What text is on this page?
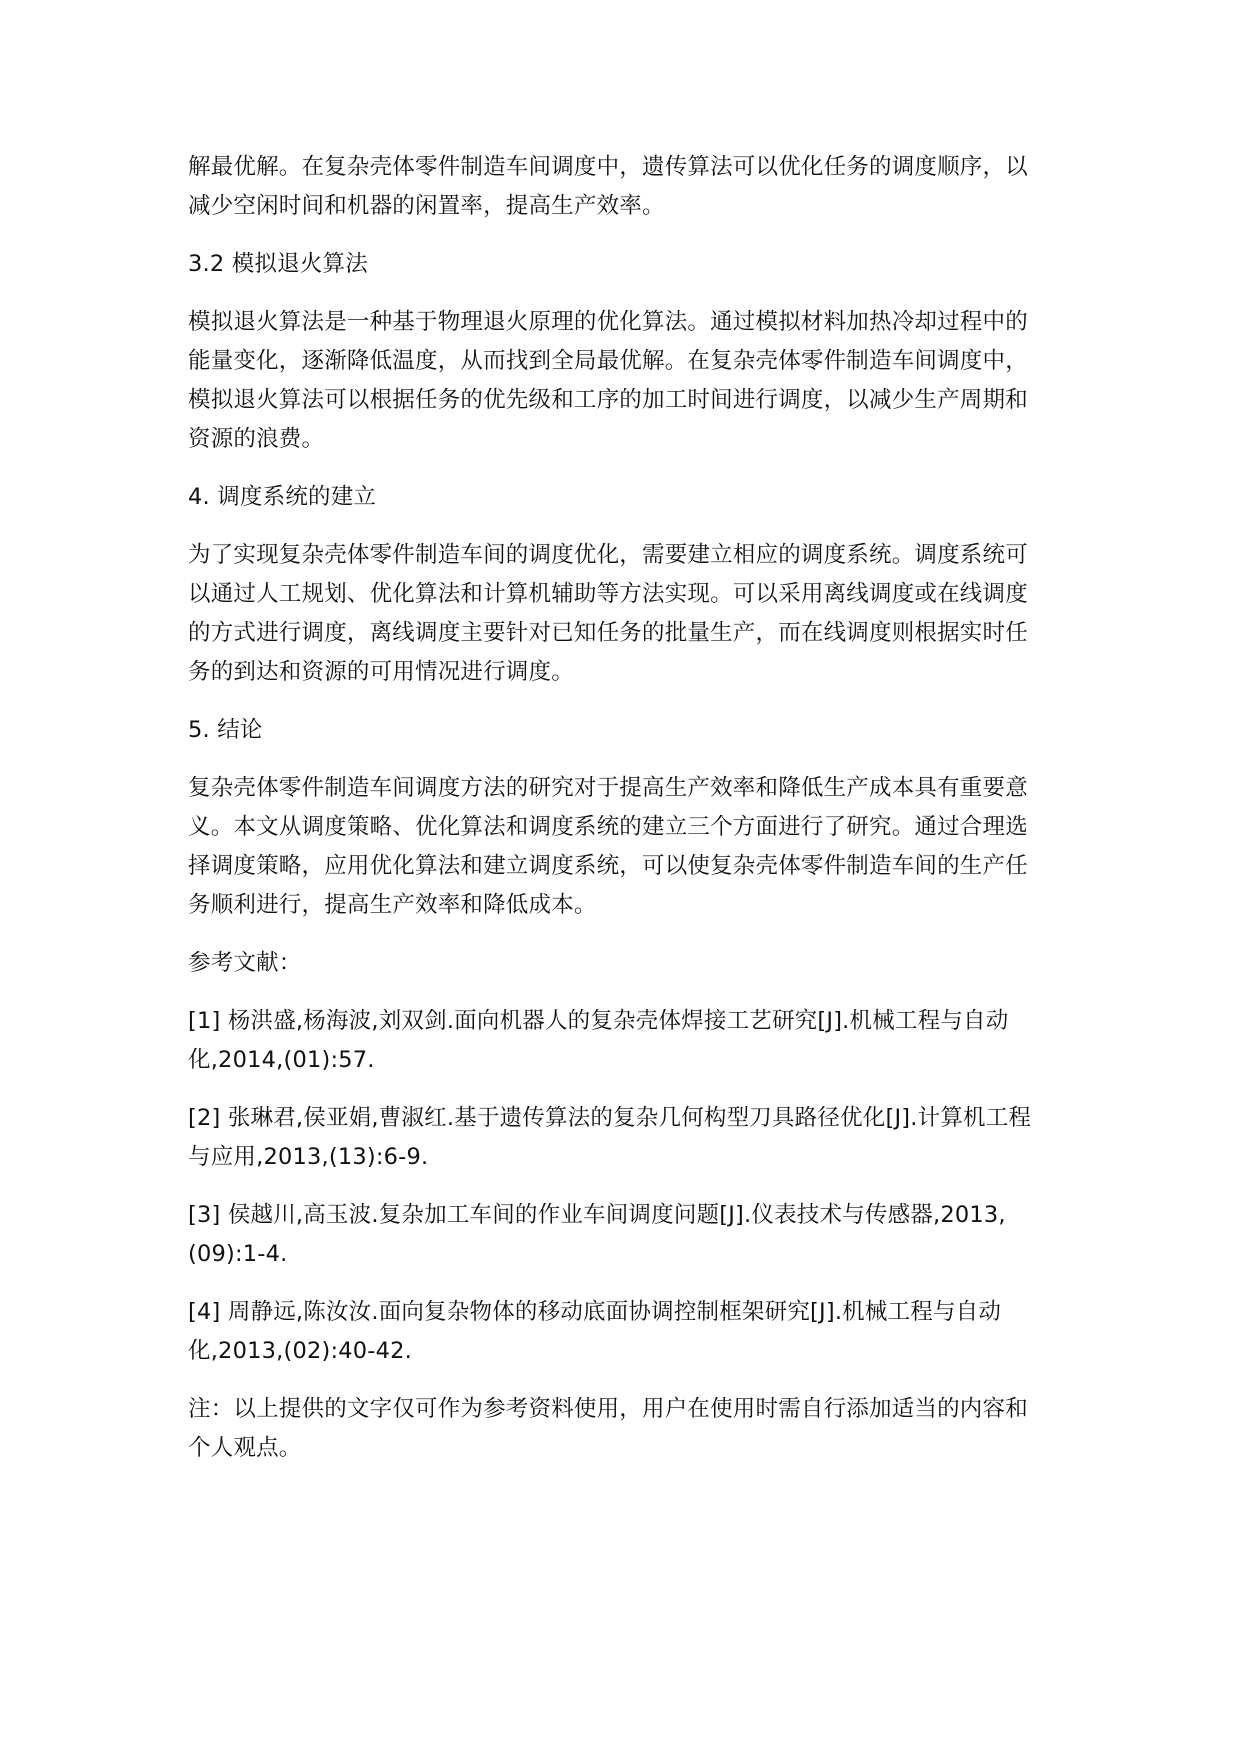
解最优解。在复杂壳体零件制造车间调度中，遗传算法可以优化任务的调度顺序，以减少空闲时间和机器的闲置率，提高生产效率。

3.2 模拟退火算法

模拟退火算法是一种基于物理退火原理的优化算法。通过模拟材料加热冷却过程中的能量变化，逐渐降低温度，从而找到全局最优解。在复杂壳体零件制造车间调度中，模拟退火算法可以根据任务的优先级和工序的加工时间进行调度，以减少生产周期和资源的浪费。

4. 调度系统的建立

为了实现复杂壳体零件制造车间的调度优化，需要建立相应的调度系统。调度系统可以通过人工规划、优化算法和计算机辅助等方法实现。可以采用离线调度或在线调度的方式进行调度，离线调度主要针对已知任务的批量生产，而在线调度则根据实时任务的到达和资源的可用情况进行调度。

5. 结论

复杂壳体零件制造车间调度方法的研究对于提高生产效率和降低生产成本具有重要意义。本文从调度策略、优化算法和调度系统的建立三个方面进行了研究。通过合理选择调度策略，应用优化算法和建立调度系统，可以使复杂壳体零件制造车间的生产任务顺利进行，提高生产效率和降低成本。

参考文献：

[1] 杨洪盛,杨海波,刘双剑.面向机器人的复杂壳体焊接工艺研究[J].机械工程与自动化,2014,(01):57.

[2] 张琳君,侯亚娟,曹淑红.基于遗传算法的复杂几何构型刀具路径优化[J].计算机工程与应用,2013,(13):6-9.

[3] 侯越川,高玉波.复杂加工车间的作业车间调度问题[J].仪表技术与传感器,2013,(09):1-4.

[4] 周静远,陈汝汝.面向复杂物体的移动底面协调控制框架研究[J].机械工程与自动化,2013,(02):40-42.

注：以上提供的文字仅可作为参考资料使用，用户在使用时需自行添加适当的内容和个人观点。
